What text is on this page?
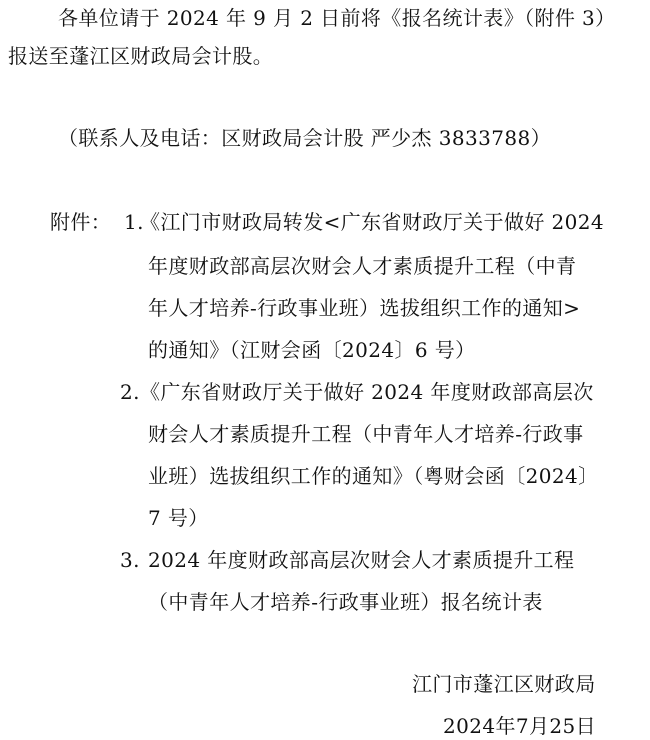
各单位请于 2024 年 9 月 2 日前将《报名统计表》（附件 3）
报送至蓬江区财政局会计股。
（联系人及电话：区财政局会计股 严少杰 3833788）
附件： 1.
《江门市财政局转发<广东省财政厅关于做好 2024
年度财政部高层次财会人才素质提升工程（中青
年人才培养-行政事业班）选拔组织工作的通知>
的通知》（江财会函〔2024〕6 号）
2. 《广东省财政厅关于做好 2024 年度财政部高层次
财会人才素质提升工程（中青年人才培养-行政事
业班）选拔组织工作的通知》（粤财会函〔2024〕
7 号）
3. 2024 年度财政部高层次财会人才素质提升工程
（中青年人才培养-行政事业班）报名统计表
江门市蓬江区财政局
2024年7月25日
